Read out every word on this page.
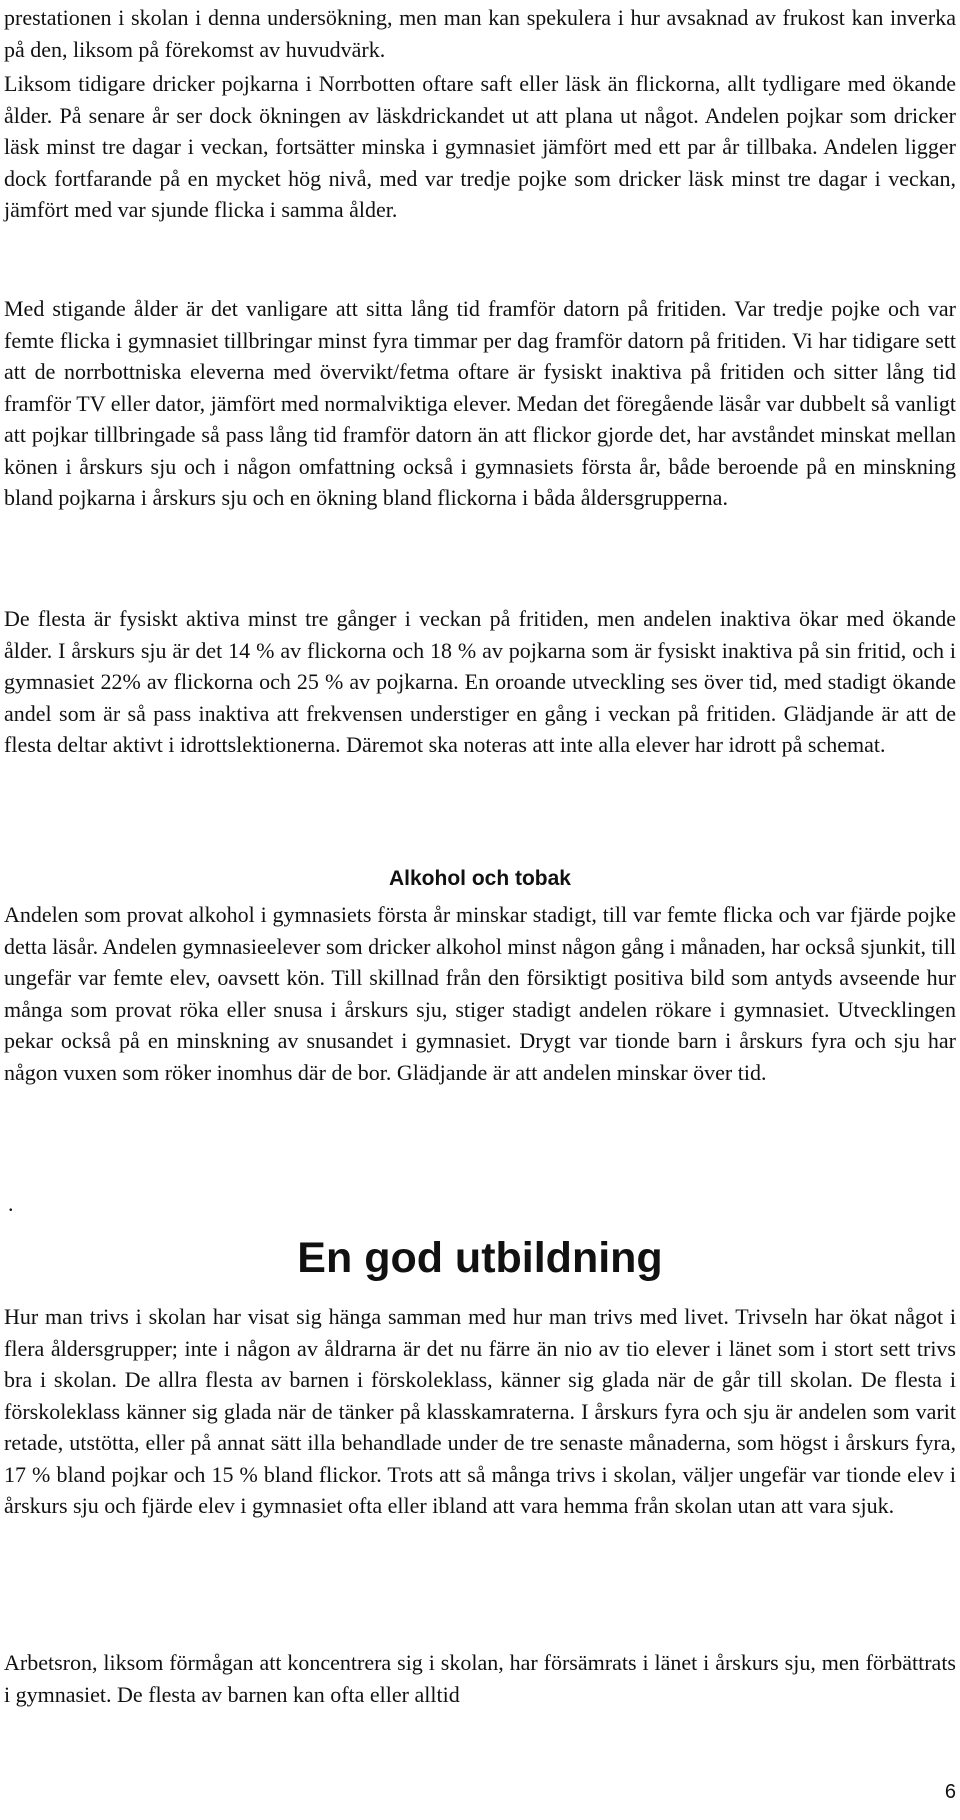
prestationen i skolan i denna undersökning, men man kan spekulera i hur avsaknad av frukost kan inverka på den, liksom på förekomst av huvudvärk.

Liksom tidigare dricker pojkarna i Norrbotten oftare saft eller läsk än flickorna, allt tydligare med ökande ålder. På senare år ser dock ökningen av läskdrickandet ut att plana ut något. Andelen pojkar som dricker läsk minst tre dagar i veckan, fortsätter minska i gymnasiet jämfört med ett par år tillbaka. Andelen ligger dock fortfarande på en mycket hög nivå, med var tredje pojke som dricker läsk minst tre dagar i veckan, jämfört med var sjunde flicka i samma ålder.

Med stigande ålder är det vanligare att sitta lång tid framför datorn på fritiden. Var tredje pojke och var femte flicka i gymnasiet tillbringar minst fyra timmar per dag framför datorn på fritiden. Vi har tidigare sett att de norrbottniska eleverna med övervikt/fetma oftare är fysiskt inaktiva på fritiden och sitter lång tid framför TV eller dator, jämfört med normalviktiga elever. Medan det föregående läsår var dubbelt så vanligt att pojkar tillbringade så pass lång tid framför datorn än att flickor gjorde det, har avståndet minskat mellan könen i årskurs sju och i någon omfattning också i gymnasiets första år, både beroende på en minskning bland pojkarna i årskurs sju och en ökning bland flickorna i båda åldersgrupperna.

De flesta är fysiskt aktiva minst tre gånger i veckan på fritiden, men andelen inaktiva ökar med ökande ålder. I årskurs sju är det 14 % av flickorna och 18 % av pojkarna som är fysiskt inaktiva på sin fritid, och i gymnasiet 22% av flickorna och 25 % av pojkarna. En oroande utveckling ses över tid, med stadigt ökande andel som är så pass inaktiva att frekvensen understiger en gång i veckan på fritiden. Glädjande är att de flesta deltar aktivt i idrottslektionerna. Däremot ska noteras att inte alla elever har idrott på schemat.

Alkohol och tobak

Andelen som provat alkohol i gymnasiets första år minskar stadigt, till var femte flicka och var fjärde pojke detta läsår. Andelen gymnasieelever som dricker alkohol minst någon gång i månaden, har också sjunkit, till ungefär var femte elev, oavsett kön. Till skillnad från den försiktigt positiva bild som antyds avseende hur många som provat röka eller snusa i årskurs sju, stiger stadigt andelen rökare i gymnasiet. Utvecklingen pekar också på en minskning av snusandet i gymnasiet. Drygt var tionde barn i årskurs fyra och sju har någon vuxen som röker inomhus där de bor. Glädjande är att andelen minskar över tid.

.
En god utbildning

Hur man trivs i skolan har visat sig hänga samman med hur man trivs med livet. Trivseln har ökat något i flera åldersgrupper; inte i någon av åldrarna är det nu färre än nio av tio elever i länet som i stort sett trivs bra i skolan. De allra flesta av barnen i förskoleklass, känner sig glada när de går till skolan. De flesta i förskoleklass känner sig glada när de tänker på klasskamraterna. I årskurs fyra och sju är andelen som varit retade, utstötta, eller på annat sätt illa behandlade under de tre senaste månaderna, som högst i årskurs fyra, 17 % bland pojkar och 15 % bland flickor. Trots att så många trivs i skolan, väljer ungefär var tionde elev i årskurs sju och fjärde elev i gymnasiet ofta eller ibland att vara hemma från skolan utan att vara sjuk.

Arbetsron, liksom förmågan att koncentrera sig i skolan, har försämrats i länet i årskurs sju, men förbättrats i gymnasiet. De flesta av barnen kan ofta eller alltid

6
